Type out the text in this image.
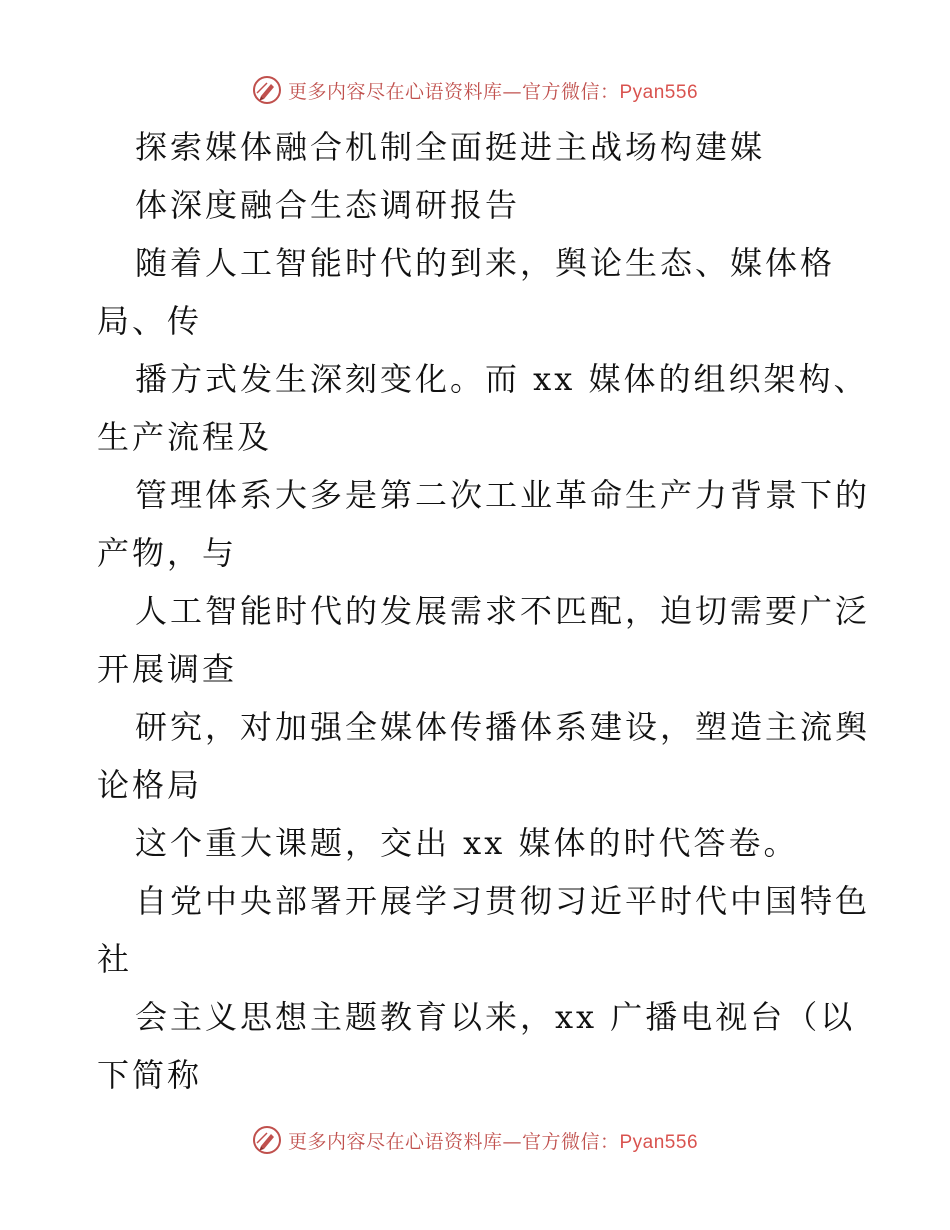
更多内容尽在心语资料库—官方微信：Pyan556
探索媒体融合机制全面挺进主战场构建媒
体深度融合生态调研报告
随着人工智能时代的到来，舆论生态、媒体格
局、传
播方式发生深刻变化。而 xx 媒体的组织架构、
生产流程及
管理体系大多是第二次工业革命生产力背景下的
产物，与
人工智能时代的发展需求不匹配，迫切需要广泛
开展调查
研究，对加强全媒体传播体系建设，塑造主流舆
论格局
这个重大课题，交出 xx 媒体的时代答卷。
自党中央部署开展学习贯彻习近平时代中国特色
社
会主义思想主题教育以来，xx 广播电视台（以
下简称
更多内容尽在心语资料库—官方微信：Pyan556
